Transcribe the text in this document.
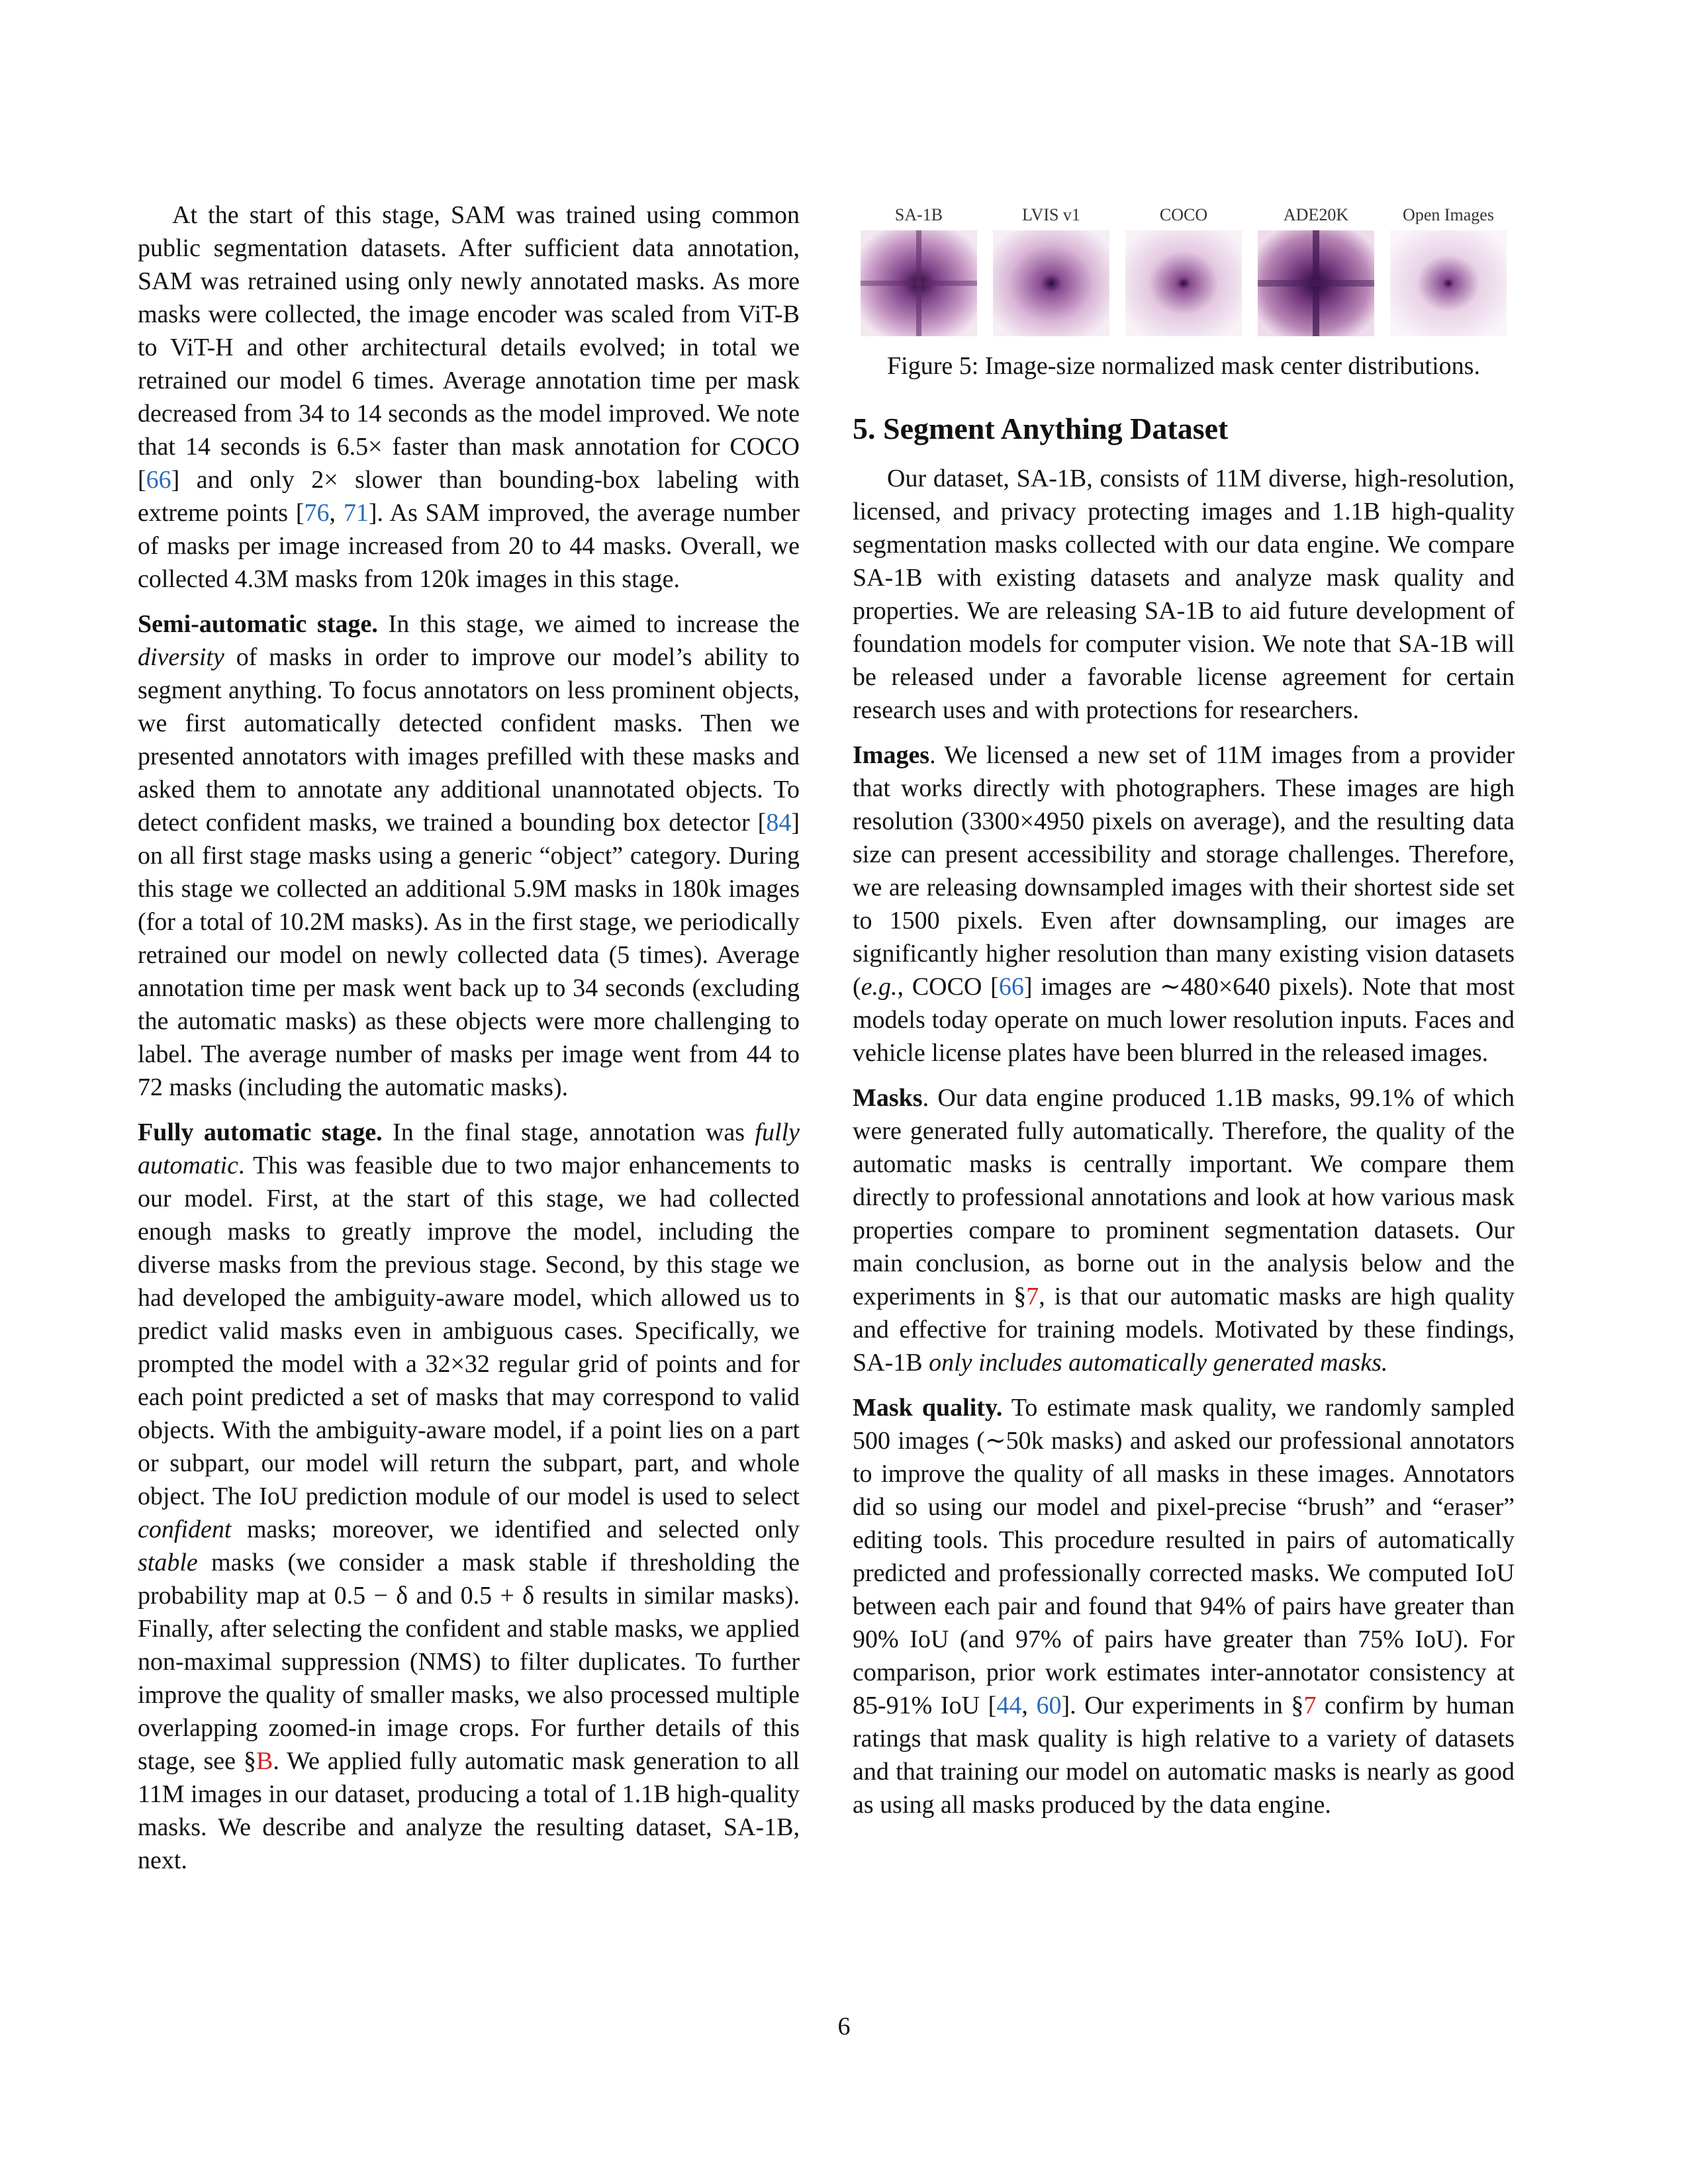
At the start of this stage, SAM was trained using common public segmentation datasets. After sufficient data annotation, SAM was retrained using only newly annotated masks. As more masks were collected, the image encoder was scaled from ViT-B to ViT-H and other architectural details evolved; in total we retrained our model 6 times. Average annotation time per mask decreased from 34 to 14 seconds as the model improved. We note that 14 seconds is 6.5× faster than mask annotation for COCO [66] and only 2× slower than bounding-box labeling with extreme points [76, 71]. As SAM improved, the average number of masks per image increased from 20 to 44 masks. Overall, we collected 4.3M masks from 120k images in this stage.

Semi-automatic stage. In this stage, we aimed to increase the diversity of masks in order to improve our model’s ability to segment anything. To focus annotators on less prominent objects, we first automatically detected confident masks. Then we presented annotators with images prefilled with these masks and asked them to annotate any additional unannotated objects. To detect confident masks, we trained a bounding box detector [84] on all first stage masks using a generic “object” category. During this stage we collected an additional 5.9M masks in 180k images (for a total of 10.2M masks). As in the first stage, we periodically retrained our model on newly collected data (5 times). Average annotation time per mask went back up to 34 seconds (excluding the automatic masks) as these objects were more challenging to label. The average number of masks per image went from 44 to 72 masks (including the automatic masks).

Fully automatic stage. In the final stage, annotation was fully automatic. This was feasible due to two major enhancements to our model. First, at the start of this stage, we had collected enough masks to greatly improve the model, including the diverse masks from the previous stage. Second, by this stage we had developed the ambiguity-aware model, which allowed us to predict valid masks even in ambiguous cases. Specifically, we prompted the model with a 32×32 regular grid of points and for each point predicted a set of masks that may correspond to valid objects. With the ambiguity-aware model, if a point lies on a part or subpart, our model will return the subpart, part, and whole object. The IoU prediction module of our model is used to select confident masks; moreover, we identified and selected only stable masks (we consider a mask stable if thresholding the probability map at 0.5 − δ and 0.5 + δ results in similar masks). Finally, after selecting the confident and stable masks, we applied non-maximal suppression (NMS) to filter duplicates. To further improve the quality of smaller masks, we also processed multiple overlapping zoomed-in image crops. For further details of this stage, see §B. We applied fully automatic mask generation to all 11M images in our dataset, producing a total of 1.1B high-quality masks. We describe and analyze the resulting dataset, SA-1B, next.

SA-1B	LVIS v1	COCO	ADE20K	Open Images
Figure 5: Image-size normalized mask center distributions.
5. Segment Anything Dataset

Our dataset, SA-1B, consists of 11M diverse, high-resolution, licensed, and privacy protecting images and 1.1B high-quality segmentation masks collected with our data engine. We compare SA-1B with existing datasets and analyze mask quality and properties. We are releasing SA-1B to aid future development of foundation models for computer vision. We note that SA-1B will be released under a favorable license agreement for certain research uses and with protections for researchers.

Images. We licensed a new set of 11M images from a provider that works directly with photographers. These images are high resolution (3300×4950 pixels on average), and the resulting data size can present accessibility and storage challenges. Therefore, we are releasing downsampled images with their shortest side set to 1500 pixels. Even after downsampling, our images are significantly higher resolution than many existing vision datasets (e.g., COCO [66] images are ∼480×640 pixels). Note that most models today operate on much lower resolution inputs. Faces and vehicle license plates have been blurred in the released images.

Masks. Our data engine produced 1.1B masks, 99.1% of which were generated fully automatically. Therefore, the quality of the automatic masks is centrally important. We compare them directly to professional annotations and look at how various mask properties compare to prominent segmentation datasets. Our main conclusion, as borne out in the analysis below and the experiments in §7, is that our automatic masks are high quality and effective for training models. Motivated by these findings, SA-1B only includes automatically generated masks.

Mask quality. To estimate mask quality, we randomly sampled 500 images (∼50k masks) and asked our professional annotators to improve the quality of all masks in these images. Annotators did so using our model and pixel-precise “brush” and “eraser” editing tools. This procedure resulted in pairs of automatically predicted and professionally corrected masks. We computed IoU between each pair and found that 94% of pairs have greater than 90% IoU (and 97% of pairs have greater than 75% IoU). For comparison, prior work estimates inter-annotator consistency at 85-91% IoU [44, 60]. Our experiments in §7 confirm by human ratings that mask quality is high relative to a variety of datasets and that training our model on automatic masks is nearly as good as using all masks produced by the data engine.

6
